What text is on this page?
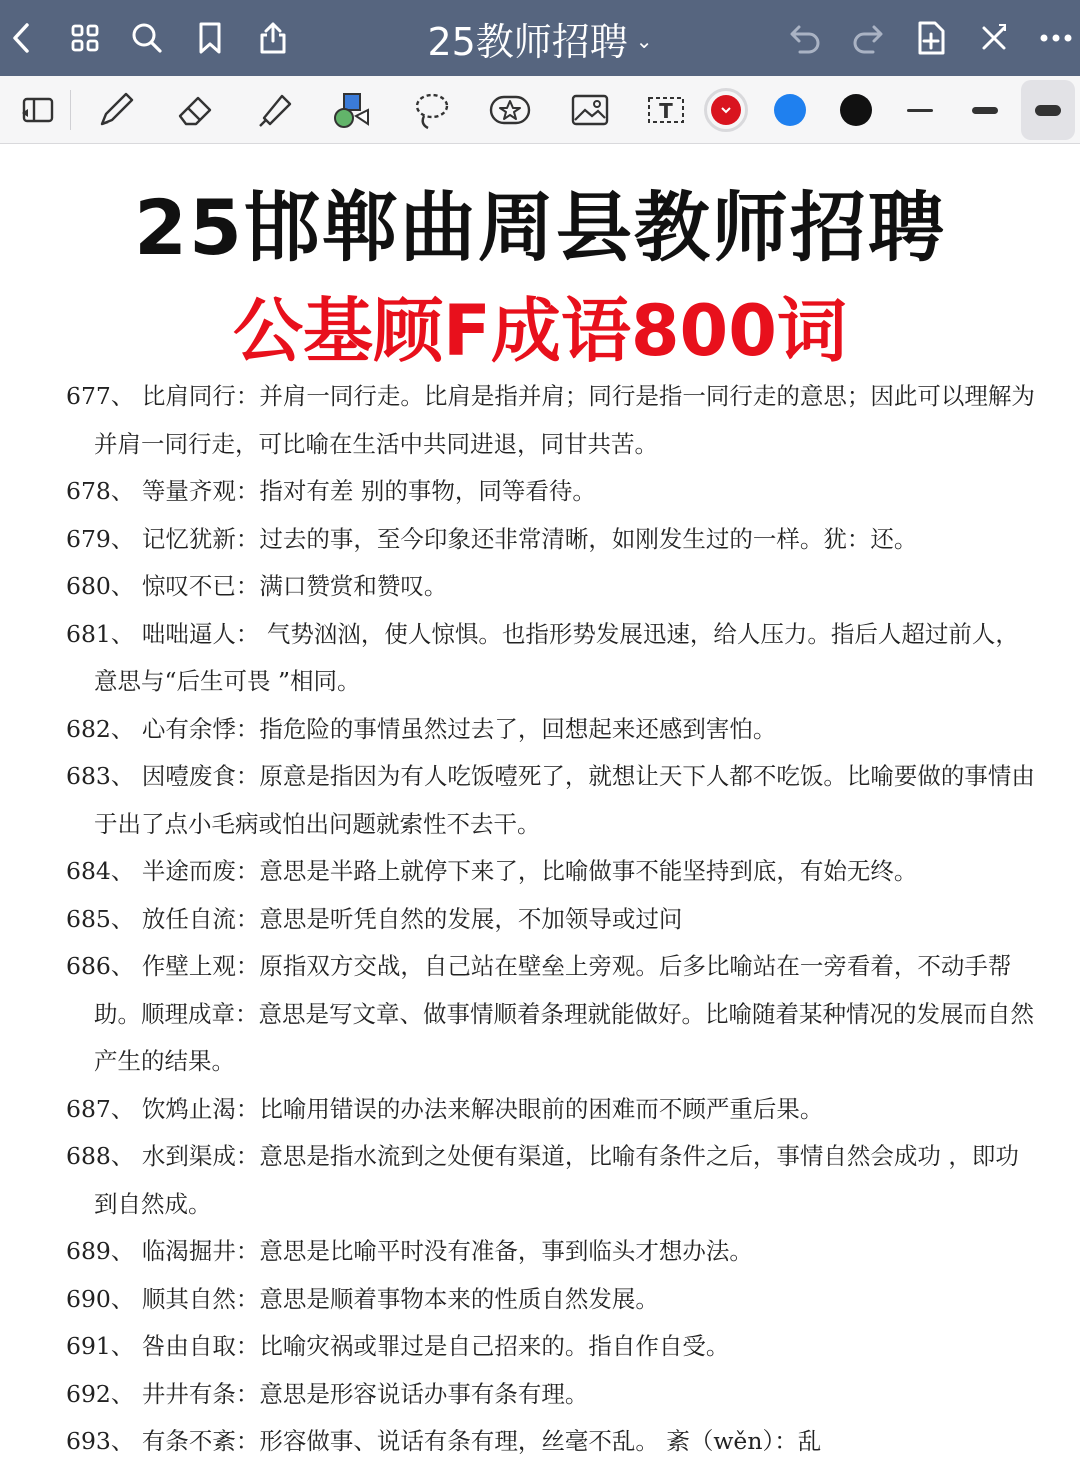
25教师招聘 ⌄
T
25邯郸曲周县教师招聘
公基顾F成语800词
677、 比肩同行：并肩一同行走。比肩是指并肩；同行是指一同行走的意思；因此可以理解为并肩一同行走，可比喻在生活中共同进退，同甘共苦。
678、 等量齐观：指对有差 别的事物，同等看待。
679、 记忆犹新：过去的事，至今印象还非常清晰，如刚发生过的一样。犹：还。
680、 惊叹不已：满口赞赏和赞叹。
681、 咄咄逼人： 气势汹汹，使人惊惧。也指形势发展迅速，给人压力。指后人超过前人，意思与“后生可畏 ”相同。
682、 心有余悸：指危险的事情虽然过去了，回想起来还感到害怕。
683、 因噎废食：原意是指因为有人吃饭噎死了，就想让天下人都不吃饭。比喻要做的事情由于出了点小毛病或怕出问题就索性不去干。
684、 半途而废：意思是半路上就停下来了，比喻做事不能坚持到底，有始无终。
685、 放任自流：意思是听凭自然的发展，不加领导或过问
686、 作壁上观：原指双方交战，自己站在壁垒上旁观。后多比喻站在一旁看着，不动手帮助。顺理成章：意思是写文章、做事情顺着条理就能做好。比喻随着某种情况的发展而自然产生的结果。
687、 饮鸩止渴：比喻用错误的办法来解决眼前的困难而不顾严重后果。
688、 水到渠成：意思是指水流到之处便有渠道，比喻有条件之后，事情自然会成功 ，即功到自然成。
689、 临渴掘井：意思是比喻平时没有准备，事到临头才想办法。
690、 顺其自然：意思是顺着事物本来的性质自然发展。
691、 咎由自取：比喻灾祸或罪过是自己招来的。指自作自受。
692、 井井有条：意思是形容说话办事有条有理。
693、 有条不紊：形容做事、说话有条有理，丝毫不乱。 紊（wěn）：乱
